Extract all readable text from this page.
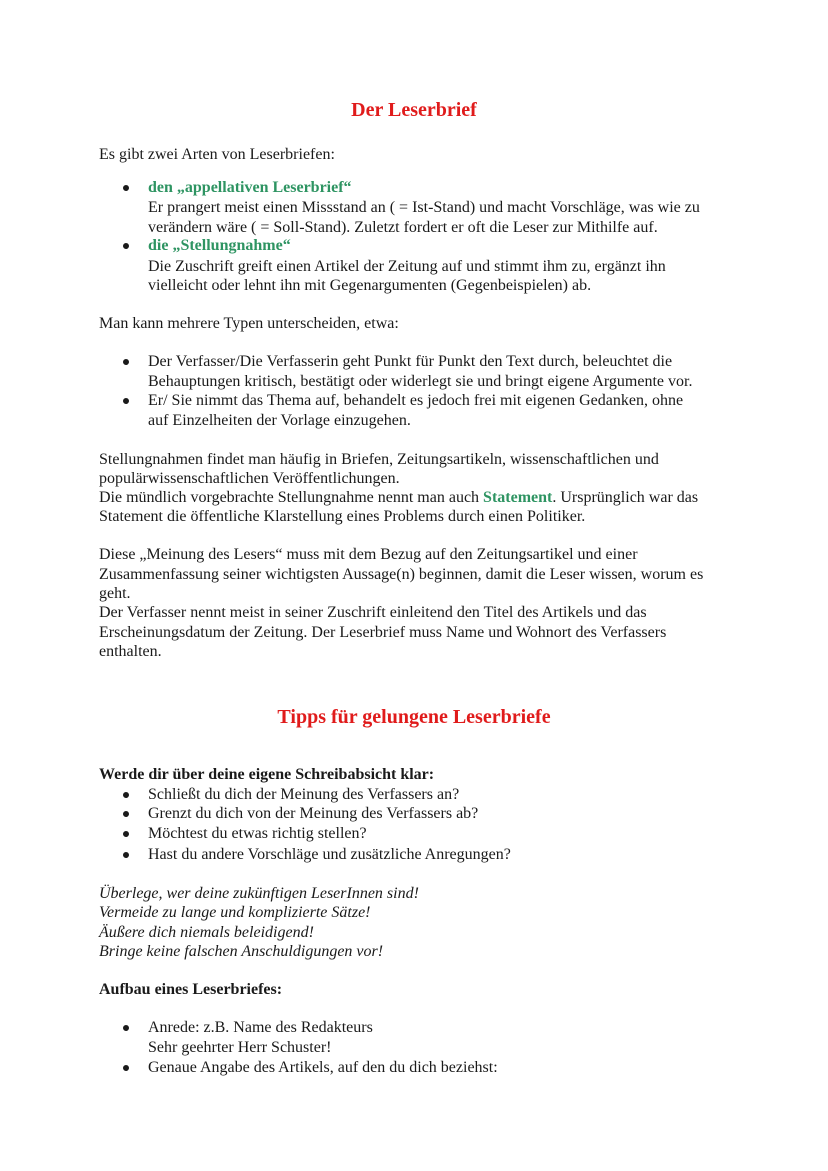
Der Leserbrief
Es gibt zwei Arten von Leserbriefen:
den „appellativen Leserbrief“
Er prangert meist einen Missstand an ( = Ist-Stand) und macht Vorschläge, was wie zu
verändern wäre ( = Soll-Stand). Zuletzt fordert er oft die Leser zur Mithilfe auf.
die „Stellungnahme“
Die Zuschrift greift einen Artikel der Zeitung auf und stimmt ihm zu, ergänzt ihn
vielleicht oder lehnt ihn mit Gegenargumenten (Gegenbeispielen) ab.
Man kann mehrere Typen unterscheiden, etwa:
Der Verfasser/Die Verfasserin geht Punkt für Punkt den Text durch, beleuchtet die
Behauptungen kritisch, bestätigt oder widerlegt sie und bringt eigene Argumente vor.
Er/ Sie nimmt das Thema auf, behandelt es jedoch frei mit eigenen Gedanken, ohne
auf Einzelheiten der Vorlage einzugehen.
Stellungnahmen findet man häufig in Briefen, Zeitungsartikeln, wissenschaftlichen und
populärwissenschaftlichen Veröffentlichungen.
Die mündlich vorgebrachte Stellungnahme nennt man auch Statement. Ursprünglich war das
Statement die öffentliche Klarstellung eines Problems durch einen Politiker.
Diese „Meinung des Lesers“ muss mit dem Bezug auf den Zeitungsartikel und einer
Zusammenfassung seiner wichtigsten Aussage(n) beginnen, damit die Leser wissen, worum es
geht.
Der Verfasser nennt meist in seiner Zuschrift einleitend den Titel des Artikels und das
Erscheinungsdatum der Zeitung. Der Leserbrief muss Name und Wohnort des Verfassers
enthalten.
Tipps für gelungene Leserbriefe
Werde dir über deine eigene Schreibabsicht klar:
Schließt du dich der Meinung des Verfassers an?
Grenzt du dich von der Meinung des Verfassers ab?
Möchtest du etwas richtig stellen?
Hast du andere Vorschläge und zusätzliche Anregungen?
Überlege, wer deine zukünftigen LeserInnen sind!
Vermeide zu lange und komplizierte Sätze!
Äußere dich niemals beleidigend!
Bringe keine falschen Anschuldigungen vor!
Aufbau eines Leserbriefes:
Anrede: z.B. Name des Redakteurs
Sehr geehrter Herr Schuster!
Genaue Angabe des Artikels, auf den du dich beziehst:
